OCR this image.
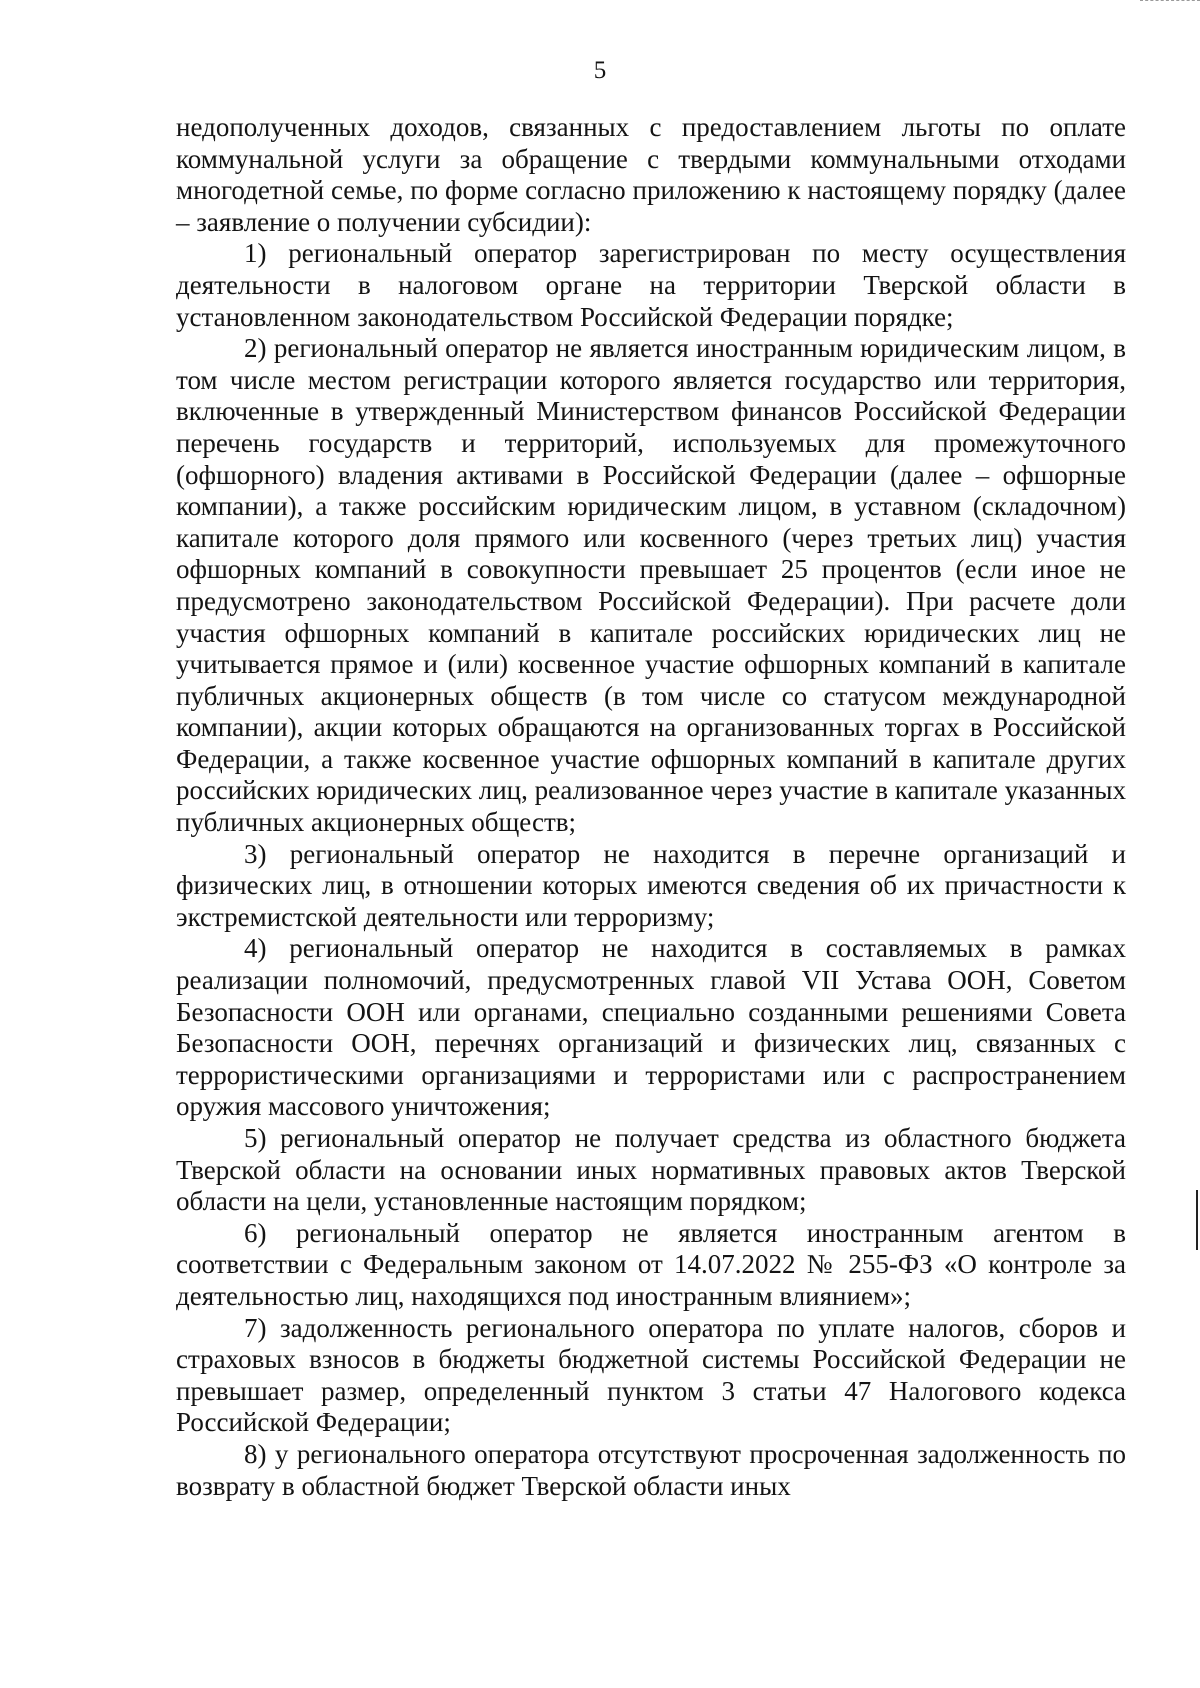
5

недополученных доходов, связанных с предоставлением льготы по оплате коммунальной услуги за обращение с твердыми коммунальными отходами многодетной семье, по форме согласно приложению к настоящему порядку (далее – заявление о получении субсидии):

1) региональный оператор зарегистрирован по месту осуществления деятельности в налоговом органе на территории Тверской области в установленном законодательством Российской Федерации порядке;

2) региональный оператор не является иностранным юридическим лицом, в том числе местом регистрации которого является государство или территория, включенные в утвержденный Министерством финансов Российской Федерации перечень государств и территорий, используемых для промежуточного (офшорного) владения активами в Российской Федерации (далее – офшорные компании), а также российским юридическим лицом, в уставном (складочном) капитале которого доля прямого или косвенного (через третьих лиц) участия офшорных компаний в совокупности превышает 25 процентов (если иное не предусмотрено законодательством Российской Федерации). При расчете доли участия офшорных компаний в капитале российских юридических лиц не учитывается прямое и (или) косвенное участие офшорных компаний в капитале публичных акционерных обществ (в том числе со статусом международной компании), акции которых обращаются на организованных торгах в Российской Федерации, а также косвенное участие офшорных компаний в капитале других российских юридических лиц, реализованное через участие в капитале указанных публичных акционерных обществ;

3) региональный оператор не находится в перечне организаций и физических лиц, в отношении которых имеются сведения об их причастности к экстремистской деятельности или терроризму;

4) региональный оператор не находится в составляемых в рамках реализации полномочий, предусмотренных главой VII Устава ООН, Советом Безопасности ООН или органами, специально созданными решениями Совета Безопасности ООН, перечнях организаций и физических лиц, связанных с террористическими организациями и террористами или с распространением оружия массового уничтожения;

5) региональный оператор не получает средства из областного бюджета Тверской области на основании иных нормативных правовых актов Тверской области на цели, установленные настоящим порядком;

6) региональный оператор не является иностранным агентом в соответствии с Федеральным законом от 14.07.2022 № 255-ФЗ «О контроле за деятельностью лиц, находящихся под иностранным влиянием»;

7) задолженность регионального оператора по уплате налогов, сборов и страховых взносов в бюджеты бюджетной системы Российской Федерации не превышает размер, определенный пунктом 3 статьи 47 Налогового кодекса Российской Федерации;

8) у регионального оператора отсутствуют просроченная задолженность по возврату в областной бюджет Тверской области иных
